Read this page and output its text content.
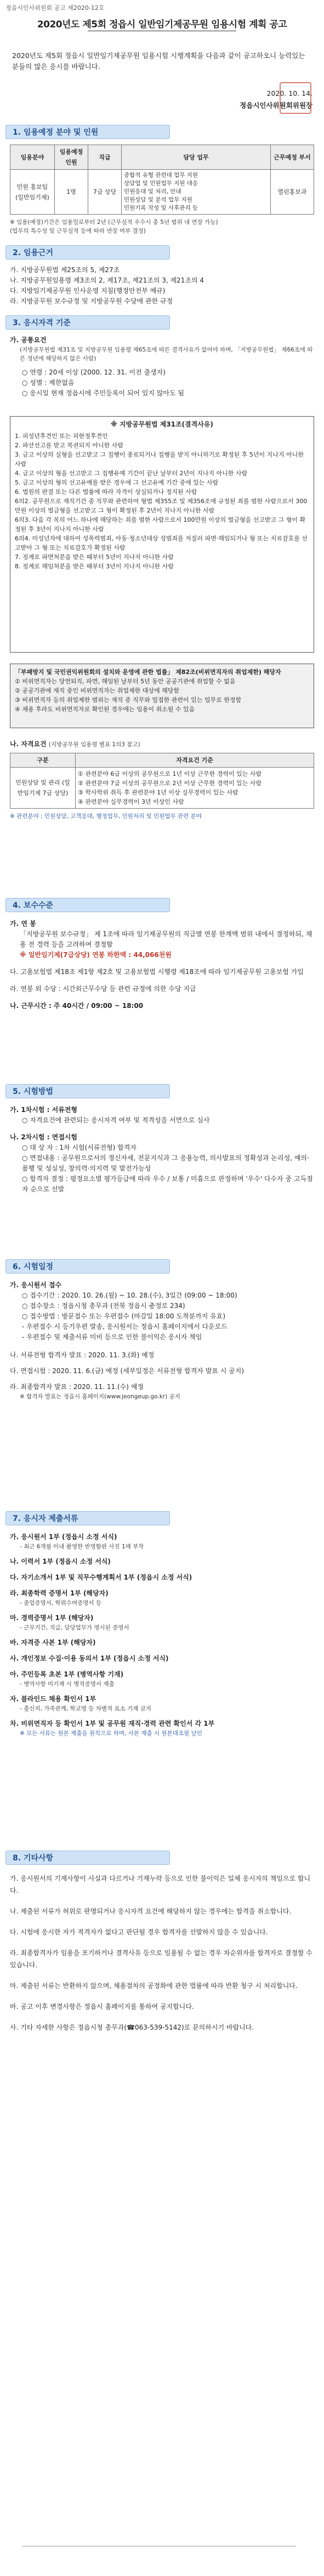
정읍시인사위원회 공고 제2020-12호
2020년도 제5회 정읍시 일반임기제공무원 임용시험 계획 공고
2020년도 제5회 정읍시 일반임기제공무원 임용시험 시행계획을 다음과 같이 공고하오니 능력있는 분들의 많은 응시를 바랍니다.
2020. 10. 14.
정읍시인사위원회위원장
1. 임용예정 분야 및 인원
임용분야	임용예정 인원	직급	담당 업무	근무예정 부서
민원 홍보팀 (일반임기제)	1명	7급 상당	종합적 유형 관련대 업무 지원
상담업 및 민원업무 지원 대응
민원응대 및 처리, 안내
민원상담 및 분석 업무 지원
민원기록 작성 및 사후관리 등	열린홍보과
※ 임용(예정)기간은 임용일로부터 2년 (근무실적 우수시 총 5년 범위 내 연장 가능)
(업무의 특수성 및 근무실적 등에 따라 연장 여부 결정)
2. 임용근거

가. 지방공무원법 제25조의 5, 제27조

나. 지방공무원임용령 제3조의 2, 제17조, 제21조의 3, 제21조의 4

다. 지방임기제공무원 인사운영 지침(행정안전부 예규)

라. 지방공무원 보수규정 및 지방공무원 수당에 관한 규정

3. 응시자격 기준

가. 공통요건

(지방공무원법 제31조 및 지방공무원 임용령 제65조에 따른 결격사유가 없어야 하며, 「지방공무원법」 제66조에 따른 정년에 해당하지 않은 사람)

○ 연령 : 20세 이상 (2000. 12. 31. 이전 출생자)

○ 성별 : 제한없음

○ 응시일 현재 정읍시에 주민등록이 되어 있지 않아도 됨

※ 지방공무원법 제31조(결격사유)
1. 피성년후견인 또는 피한정후견인
2. 파산선고를 받고 복권되지 아니한 사람
3. 금고 이상의 실형을 선고받고 그 집행이 종료되거나 집행을 받지 아니하기로 확정된 후 5년이 지나지 아니한 사람
4. 금고 이상의 형을 선고받고 그 집행유예 기간이 끝난 날부터 2년이 지나지 아니한 사람
5. 금고 이상의 형의 선고유예를 받은 경우에 그 선고유예 기간 중에 있는 사람
6. 법원의 판결 또는 다른 법률에 따라 자격이 상실되거나 정지된 사람
6의2. 공무원으로 재직기간 중 직무와 관련하여 형법 제355조 및 제356조에 규정된 죄를 범한 사람으로서 300만원 이상의 벌금형을 선고받고 그 형이 확정된 후 2년이 지나지 아니한 사람
6의3. 다음 각 목의 어느 하나에 해당하는 죄를 범한 사람으로서 100만원 이상의 벌금형을 선고받고 그 형이 확정된 후 3년이 지나지 아니한 사람
6의4. 미성년자에 대하여 성폭력범죄, 아동·청소년대상 성범죄를 저질러 파면·해임되거나 형 또는 치료감호를 선고받아 그 형 또는 치료감호가 확정된 사람
7. 징계로 파면처분을 받은 때부터 5년이 지나지 아니한 사람
8. 징계로 해임처분을 받은 때부터 3년이 지나지 아니한 사람
「부패방지 및 국민권익위원회의 설치와 운영에 관한 법률」 제82조(비위면직자의 취업제한) 해당자
① 비위면직자는 당연퇴직, 파면, 해임된 날부터 5년 동안 공공기관에 취업할 수 없음
② 공공기관에 재직 중인 비위면직자는 취업제한 대상에 해당함
③ 비위면직자 등의 취업제한 범위는 재직 중 직무와 밀접한 관련이 있는 업무로 한정함
④ 채용 후라도 비위면직자로 확인된 경우에는 임용이 취소될 수 있음

나. 자격요건 (지방공무원 임용령 별표 1의3 참고)

구분	자격요건 기준
민원상담 및 관리 (일반임기제 7급 상당)	① 관련분야 6급 이상의 공무원으로 1년 이상 근무한 경력이 있는 사람
② 관련분야 7급 이상의 공무원으로 2년 이상 근무한 경력이 있는 사람
③ 학사학위 취득 후 관련분야 1년 이상 실무경력이 있는 사람
④ 관련분야 실무경력이 3년 이상인 사람

※ 관련분야 : 민원상담, 고객응대, 행정업무, 민원처리 및 민원업무 관련 분야

4. 보수수준

가. 연 봉

「지방공무원 보수규정」 제 1조에 따라 임기제공무원의 직급별 연봉 한계액 범위 내에서 결정하되, 채용 전 경력 등을 고려하여 결정함

※ 일반임기제(7급상당) 연봉 하한액 : 44,066천원

다. 고용보험법 제18조 제1항 제2호 및 고용보험법 시행령 제18조에 따라 임기제공무원 고용보험 가입

라. 연봉 외 수당 : 시간외근무수당 등 관련 규정에 의한 수당 지급

나. 근무시간 : 주 40시간 / 09:00 ~ 18:00

5. 시험방법

가. 1차시험 : 서류전형

○ 자격요건에 관련되는 응시자격 여부 및 적격성을 서면으로 심사

나. 2차시험 : 면접시험

○ 대 상 자 : 1차 시험(서류전형) 합격자

○ 면접내용 : 공무원으로서의 정신자세, 전문지식과 그 응용능력, 의사발표의 정확성과 논리성, 예의·품행 및 성실성, 창의력·의지력 및 발전가능성

○ 합격자 결정 : 평정요소별 평가등급에 따라 우수 / 보통 / 미흡으로 판정하며 '우수' 다수자 중 고득점자 순으로 선발

6. 시험일정

가. 응시원서 접수

○ 접수기간 : 2020. 10. 26.(월) ~ 10. 28.(수), 3일간 (09:00 ~ 18:00)

○ 접수장소 : 정읍시청 총무과 (전북 정읍시 충정로 234)

○ 접수방법 : 방문접수 또는 우편접수 (마감일 18:00 도착분까지 유효)

- 우편접수 시 등기우편 발송, 응시원서는 정읍시 홈페이지에서 다운로드

- 우편접수 및 제출서류 미비 등으로 인한 불이익은 응시자 책임

나. 서류전형 합격자 발표 : 2020. 11. 3.(화) 예정

다. 면접시험 : 2020. 11. 6.(금) 예정 (세부일정은 서류전형 합격자 발표 시 공지)

라. 최종합격자 발표 : 2020. 11. 11.(수) 예정

※ 합격자 발표는 정읍시 홈페이지(www.jeongeup.go.kr) 공지

7. 응시자 제출서류
가. 응시원서 1부 (정읍시 소정 서식)
- 최근 6개월 이내 촬영한 반명함판 사진 1매 부착
나. 이력서 1부 (정읍시 소정 서식)
다. 자기소개서 1부 및 직무수행계획서 1부 (정읍시 소정 서식)
라. 최종학력 증명서 1부 (해당자)
- 졸업증명서, 학위수여증명서 등
마. 경력증명서 1부 (해당자)
- 근무기간, 직급, 담당업무가 명시된 증명서
바. 자격증 사본 1부 (해당자)
사. 개인정보 수집·이용 동의서 1부 (정읍시 소정 서식)
아. 주민등록 초본 1부 (병역사항 기재)
- 병역사항 미기재 시 병적증명서 제출
자. 블라인드 채용 확인서 1부
- 출신지, 가족관계, 학교명 등 차별적 요소 기재 금지
차. 비위면직자 등 확인서 1부 및 공무원 재직·경력 관련 확인서 각 1부
※ 모든 서류는 원본 제출을 원칙으로 하며, 사본 제출 시 원본대조필 날인
8. 기타사항

가. 응시원서의 기재사항이 사실과 다르거나 기재누락 등으로 인한 불이익은 일체 응시자의 책임으로 합니다.

나. 제출된 서류가 허위로 판명되거나 응시자격 요건에 해당하지 않는 경우에는 합격을 취소합니다.

다. 시험에 응시한 자가 적격자가 없다고 판단될 경우 합격자를 선발하지 않을 수 있습니다.

라. 최종합격자가 임용을 포기하거나 결격사유 등으로 임용될 수 없는 경우 차순위자를 합격자로 결정할 수 있습니다.

마. 제출된 서류는 반환하지 않으며, 채용절차의 공정화에 관한 법률에 따라 반환 청구 시 처리합니다.

바. 공고 이후 변경사항은 정읍시 홈페이지를 통하여 공지합니다.

사. 기타 자세한 사항은 정읍시청 총무과(☎063-539-5142)로 문의하시기 바랍니다.
